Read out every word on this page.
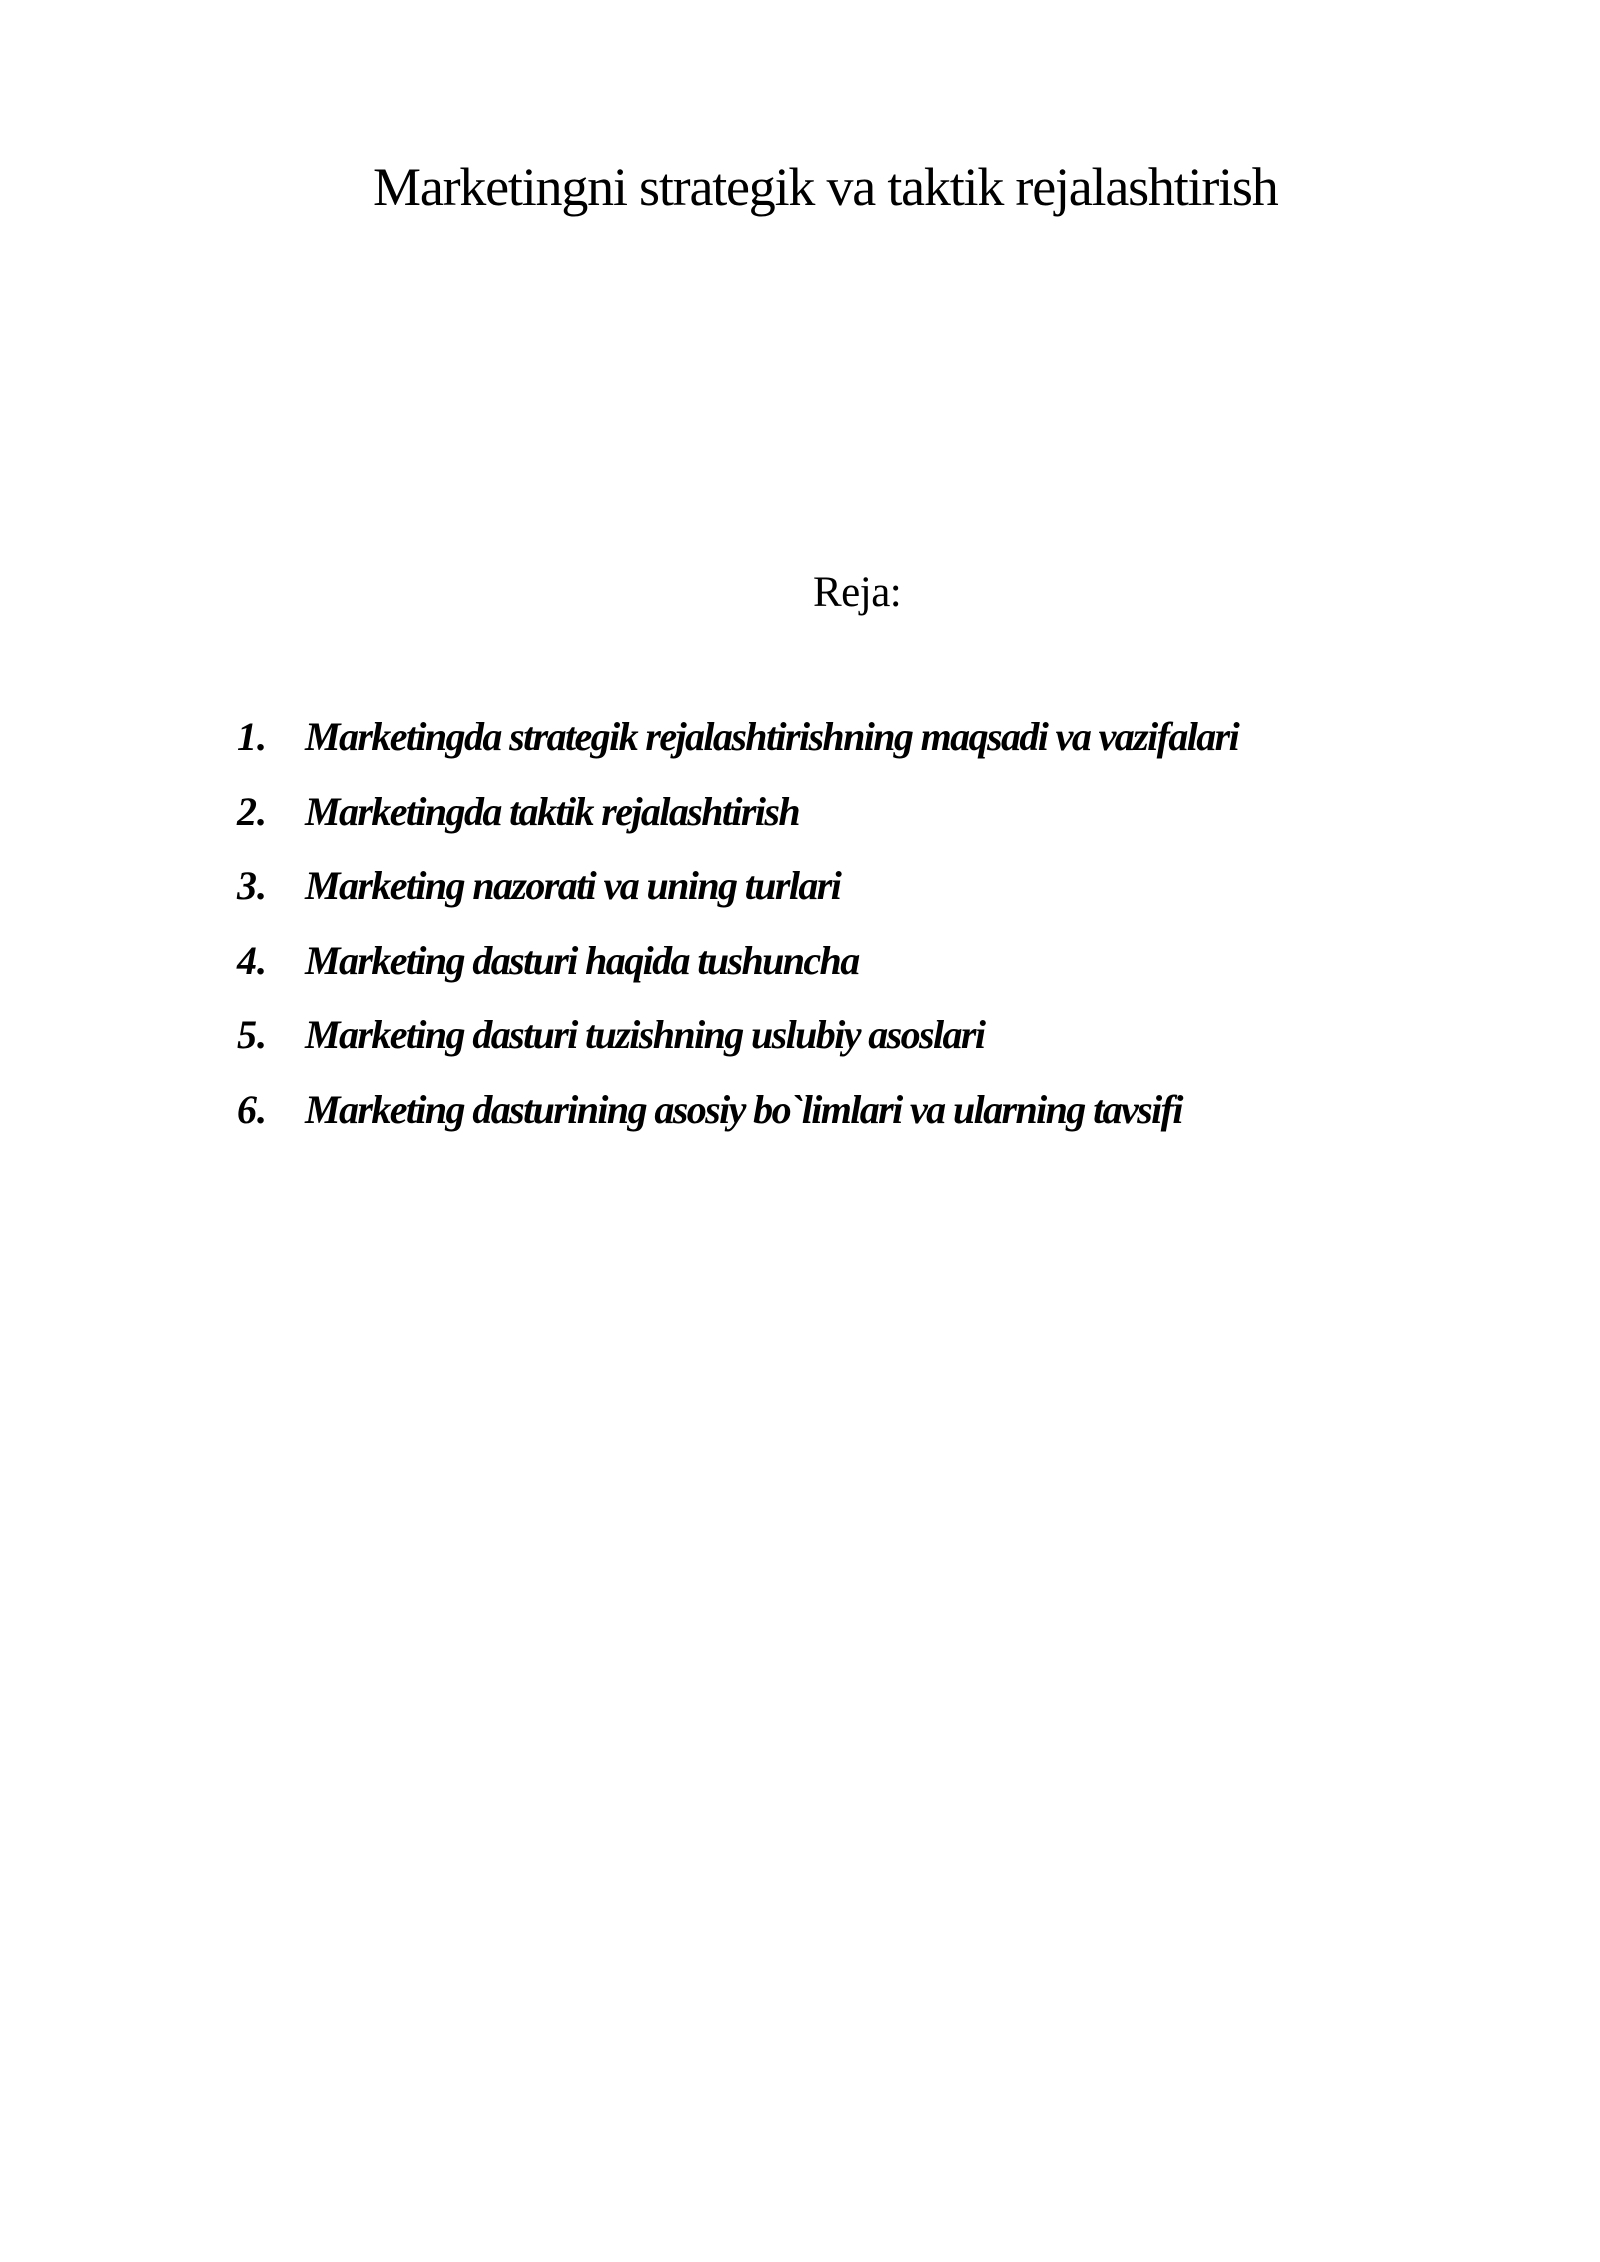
Marketingni strategik va taktik rejalashtirish
Reja:
1. Marketingda strategik rejalashtirishning maqsadi va vazifalari
2. Marketingda taktik rejalashtirish
3. Marketing nazorati va uning turlari
4. Marketing dasturi haqida tushuncha
5. Marketing dasturi tuzishning uslubiy asoslari
6. Marketing dasturining asosiy bo`limlari va ularning tavsifi
